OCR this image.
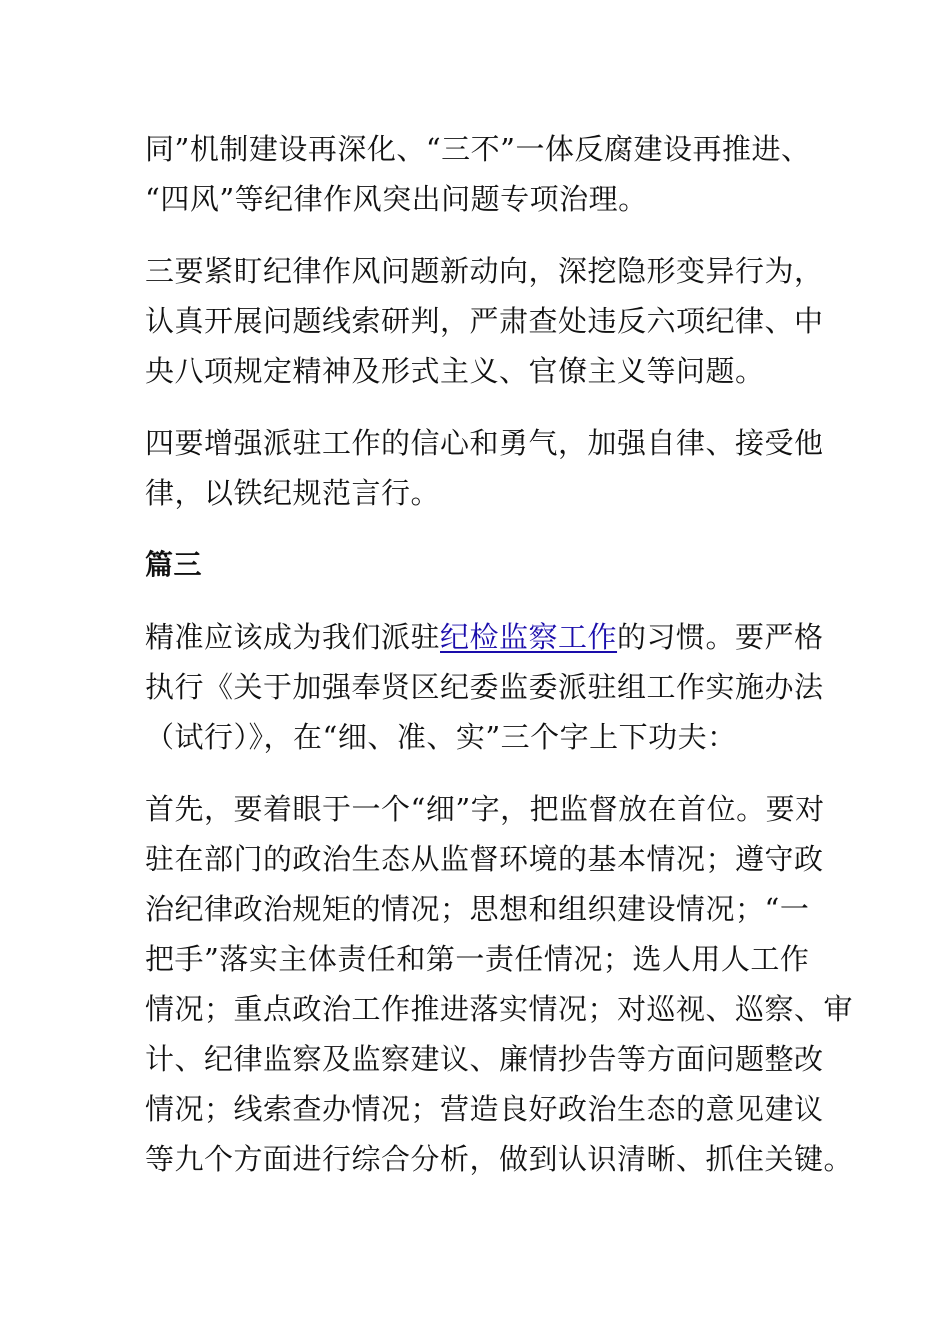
同”机制建设再深化、“三不”一体反腐建设再推进、
“四风”等纪律作风突出问题专项治理。

三要紧盯纪律作风问题新动向，深挖隐形变异行为，
认真开展问题线索研判，严肃查处违反六项纪律、中
央八项规定精神及形式主义、官僚主义等问题。

四要增强派驻工作的信心和勇气，加强自律、接受他
律，以铁纪规范言行。

篇三

精准应该成为我们派驻纪检监察工作的习惯。要严格
执行《关于加强奉贤区纪委监委派驻组工作实施办法
（试行）》，在“细、准、实”三个字上下功夫：

首先，要着眼于一个“细”字，把监督放在首位。要对
驻在部门的政治生态从监督环境的基本情况；遵守政
治纪律政治规矩的情况；思想和组织建设情况；“一
把手”落实主体责任和第一责任情况；选人用人工作
情况；重点政治工作推进落实情况；对巡视、巡察、审
计、纪律监察及监察建议、廉情抄告等方面问题整改
情况；线索查办情况；营造良好政治生态的意见建议
等九个方面进行综合分析，做到认识清晰、抓住关键。
